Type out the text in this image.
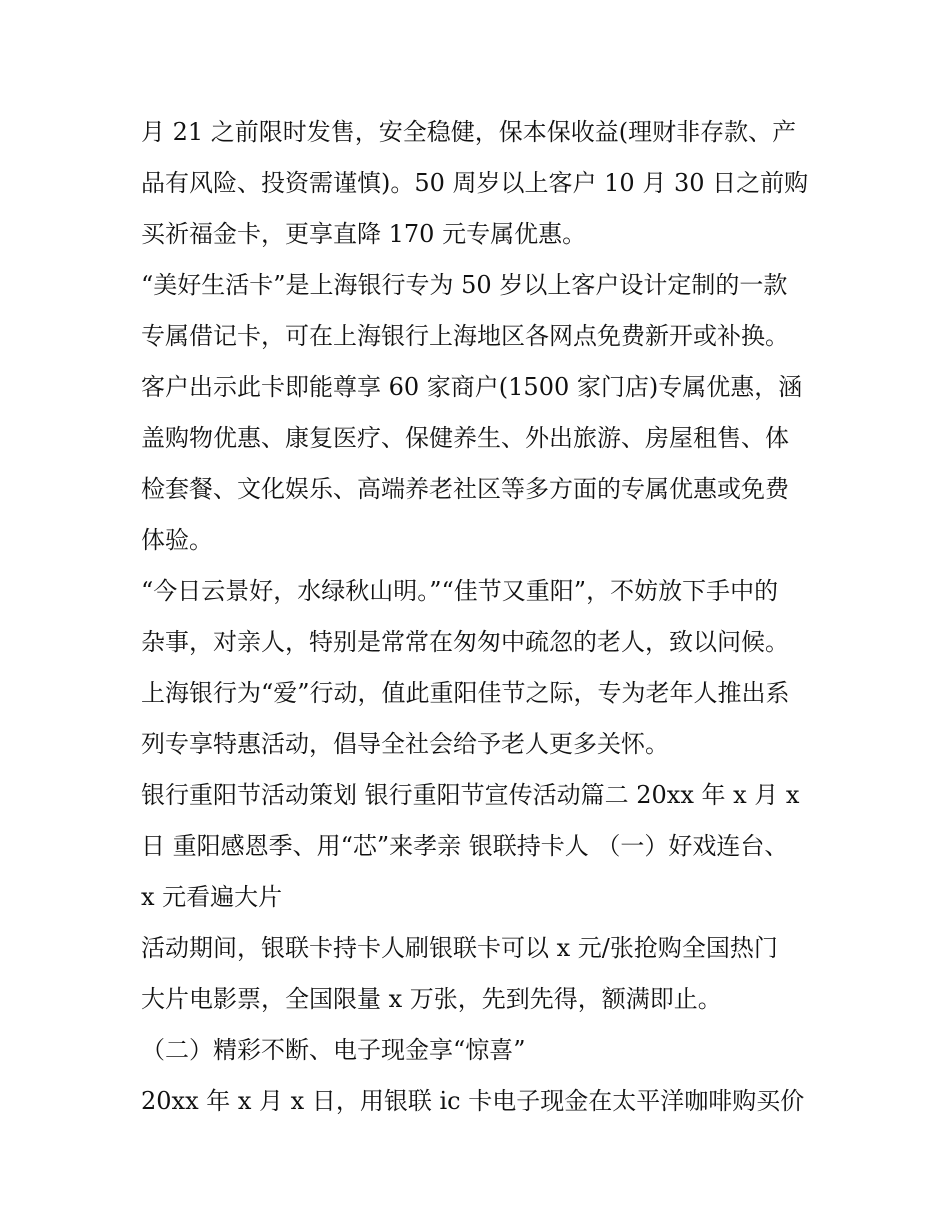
月 21 之前限时发售，安全稳健，保本保收益(理财非存款、产
品有风险、投资需谨慎)。50 周岁以上客户 10 月 30 日之前购
买祈福金卡，更享直降 170 元专属优惠。
“美好生活卡”是上海银行专为 50 岁以上客户设计定制的一款
专属借记卡，可在上海银行上海地区各网点免费新开或补换。
客户出示此卡即能尊享 60 家商户(1500 家门店)专属优惠，涵
盖购物优惠、康复医疗、保健养生、外出旅游、房屋租售、体
检套餐、文化娱乐、高端养老社区等多方面的专属优惠或免费
体验。
“今日云景好，水绿秋山明。”“佳节又重阳”，不妨放下手中的
杂事，对亲人，特别是常常在匆匆中疏忽的老人，致以问候。
上海银行为“爱”行动，值此重阳佳节之际，专为老年人推出系
列专享特惠活动，倡导全社会给予老人更多关怀。
银行重阳节活动策划 银行重阳节宣传活动篇二 20xx 年 x 月 x
日 重阳感恩季、用“芯”来孝亲 银联持卡人 （一）好戏连台、
x 元看遍大片
活动期间，银联卡持卡人刷银联卡可以 x 元/张抢购全国热门
大片电影票，全国限量 x 万张，先到先得，额满即止。
（二）精彩不断、电子现金享“惊喜”
20xx 年 x 月 x 日，用银联 ic 卡电子现金在太平洋咖啡购买价
